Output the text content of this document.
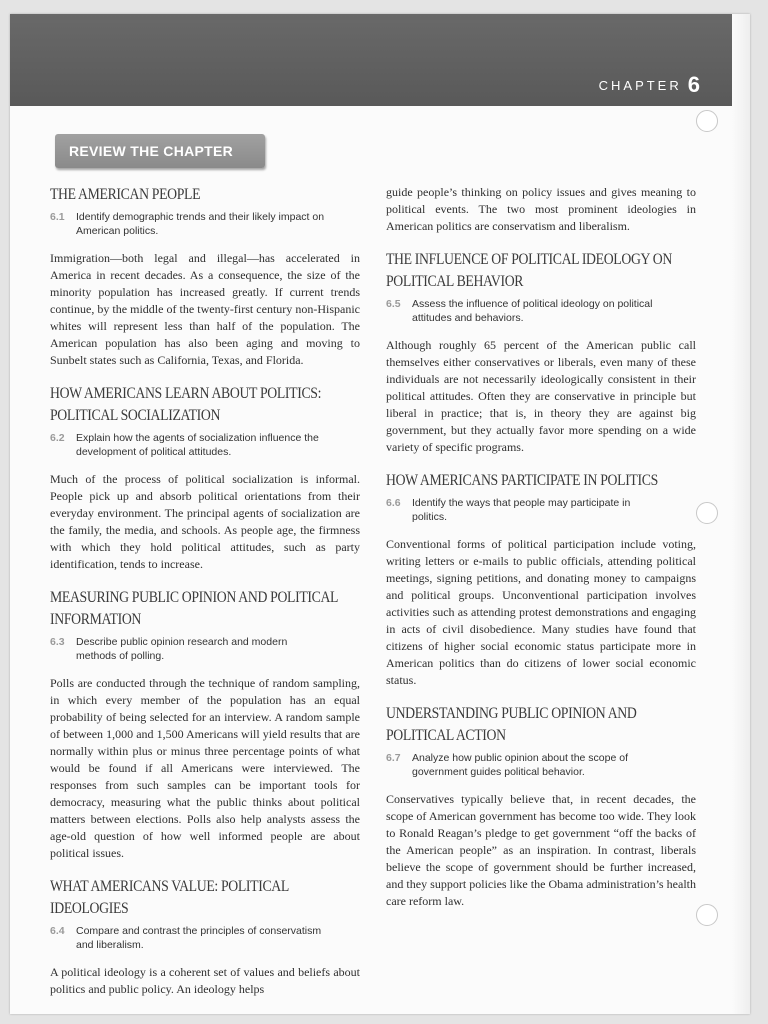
CHAPTER 6
REVIEW THE CHAPTER
THE AMERICAN PEOPLE
6.1	Identify demographic trends and their likely impact on American politics.

Immigration—both legal and illegal—has accelerated in America in recent decades. As a consequence, the size of the minority population has increased greatly. If current trends continue, by the middle of the twenty-first century non-Hispanic whites will represent less than half of the population. The American population has also been aging and moving to Sunbelt states such as California, Texas, and Florida.

HOW AMERICANS LEARN ABOUT POLITICS: POLITICAL SOCIALIZATION
6.2	Explain how the agents of socialization influence the development of political attitudes.

Much of the process of political socialization is informal. People pick up and absorb political orientations from their everyday environment. The principal agents of socialization are the family, the media, and schools. As people age, the firmness with which they hold political attitudes, such as party identification, tends to increase.

MEASURING PUBLIC OPINION AND POLITICAL INFORMATION
6.3	Describe public opinion research and modern methods of polling.

Polls are conducted through the technique of random sampling, in which every member of the population has an equal probability of being selected for an interview. A random sample of between 1,000 and 1,500 Americans will yield results that are normally within plus or minus three percentage points of what would be found if all Americans were interviewed. The responses from such samples can be important tools for democracy, measuring what the public thinks about political matters between elections. Polls also help analysts assess the age-old question of how well informed people are about political issues.

WHAT AMERICANS VALUE: POLITICAL IDEOLOGIES
6.4	Compare and contrast the principles of conservatism and liberalism.

A political ideology is a coherent set of values and beliefs about politics and public policy. An ideology helps

guide people’s thinking on policy issues and gives meaning to political events. The two most prominent ideologies in American politics are conservatism and liberalism.

THE INFLUENCE OF POLITICAL IDEOLOGY ON POLITICAL BEHAVIOR
6.5	Assess the influence of political ideology on political attitudes and behaviors.

Although roughly 65 percent of the American public call themselves either conservatives or liberals, even many of these individuals are not necessarily ideologically consistent in their political attitudes. Often they are conservative in principle but liberal in practice; that is, in theory they are against big government, but they actually favor more spending on a wide variety of specific programs.

HOW AMERICANS PARTICIPATE IN POLITICS
6.6	Identify the ways that people may participate in politics.

Conventional forms of political participation include voting, writing letters or e-mails to public officials, attending political meetings, signing petitions, and donating money to campaigns and political groups. Unconventional participation involves activities such as attending protest demonstrations and engaging in acts of civil disobedience. Many studies have found that citizens of higher social economic status participate more in American politics than do citizens of lower social economic status.

UNDERSTANDING PUBLIC OPINION AND POLITICAL ACTION
6.7	Analyze how public opinion about the scope of government guides political behavior.

Conservatives typically believe that, in recent decades, the scope of American government has become too wide. They look to Ronald Reagan’s pledge to get government “off the backs of the American people” as an inspiration. In contrast, liberals believe the scope of government should be further increased, and they support policies like the Obama administration’s health care reform law.
